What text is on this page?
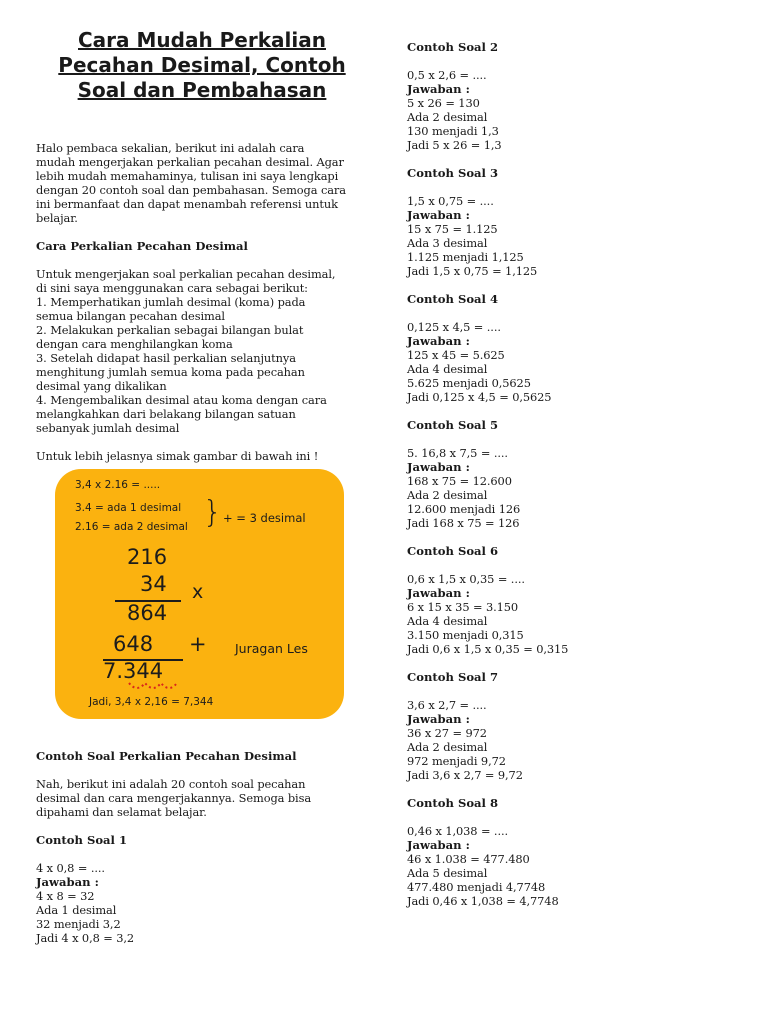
Cara Mudah Perkalian
Pecahan Desimal, Contoh
Soal dan Pembahasan
Halo pembaca sekalian, berikut ini adalah cara
mudah mengerjakan perkalian pecahan desimal. Agar
lebih mudah memahaminya, tulisan ini saya lengkapi
dengan 20 contoh soal dan pembahasan. Semoga cara
ini bermanfaat dan dapat menambah referensi untuk
belajar.
Cara Perkalian Pecahan Desimal
Untuk mengerjakan soal perkalian pecahan desimal,
di sini saya menggunakan cara sebagai berikut:
1. Memperhatikan jumlah desimal (koma) pada
semua bilangan pecahan desimal
2. Melakukan perkalian sebagai bilangan bulat
dengan cara menghilangkan koma
3. Setelah didapat hasil perkalian selanjutnya
menghitung jumlah semua koma pada pecahan
desimal yang dikalikan
4. Mengembalikan desimal atau koma dengan cara
melangkahkan dari belakang bilangan satuan
sebanyak jumlah desimal
Untuk lebih jelasnya simak gambar di bawah ini !
3,4 x 2.16 = .....
3.4 = ada 1 desimal
2.16 = ada 2 desimal } + = 3 desimal
216
34 x
864
648 +
7.344
Juragan Les
Jadi, 3,4 x 2,16 = 7,344
Contoh Soal Perkalian Pecahan Desimal
Nah, berikut ini adalah 20 contoh soal pecahan
desimal dan cara mengerjakannya. Semoga bisa
dipahami dan selamat belajar.
Contoh Soal 1
4 x 0,8 = ....
Jawaban :
4 x 8 = 32
Ada 1 desimal
32 menjadi 3,2
Jadi 4 x 0,8 = 3,2
Contoh Soal 2
0,5 x 2,6 = ....
Jawaban :
5 x 26 = 130
Ada 2 desimal
130 menjadi 1,3
Jadi 5 x 26 = 1,3
Contoh Soal 3
1,5 x 0,75 = ....
Jawaban :
15 x 75 = 1.125
Ada 3 desimal
1.125 menjadi 1,125
Jadi 1,5 x 0,75 = 1,125
Contoh Soal 4
0,125 x 4,5 = ....
Jawaban :
125 x 45 = 5.625
Ada 4 desimal
5.625 menjadi 0,5625
Jadi 0,125 x 4,5 = 0,5625
Contoh Soal 5
5. 16,8 x 7,5 = ....
Jawaban :
168 x 75 = 12.600
Ada 2 desimal
12.600 menjadi 126
Jadi 168 x 75 = 126
Contoh Soal 6
0,6 x 1,5 x 0,35 = ....
Jawaban :
6 x 15 x 35 = 3.150
Ada 4 desimal
3.150 menjadi 0,315
Jadi 0,6 x 1,5 x 0,35 = 0,315
Contoh Soal 7
3,6 x 2,7 = ....
Jawaban :
36 x 27 = 972
Ada 2 desimal
972 menjadi 9,72
Jadi 3,6 x 2,7 = 9,72
Contoh Soal 8
0,46 x 1,038 = ....
Jawaban :
46 x 1.038 = 477.480
Ada 5 desimal
477.480 menjadi 4,7748
Jadi 0,46 x 1,038 = 4,7748
